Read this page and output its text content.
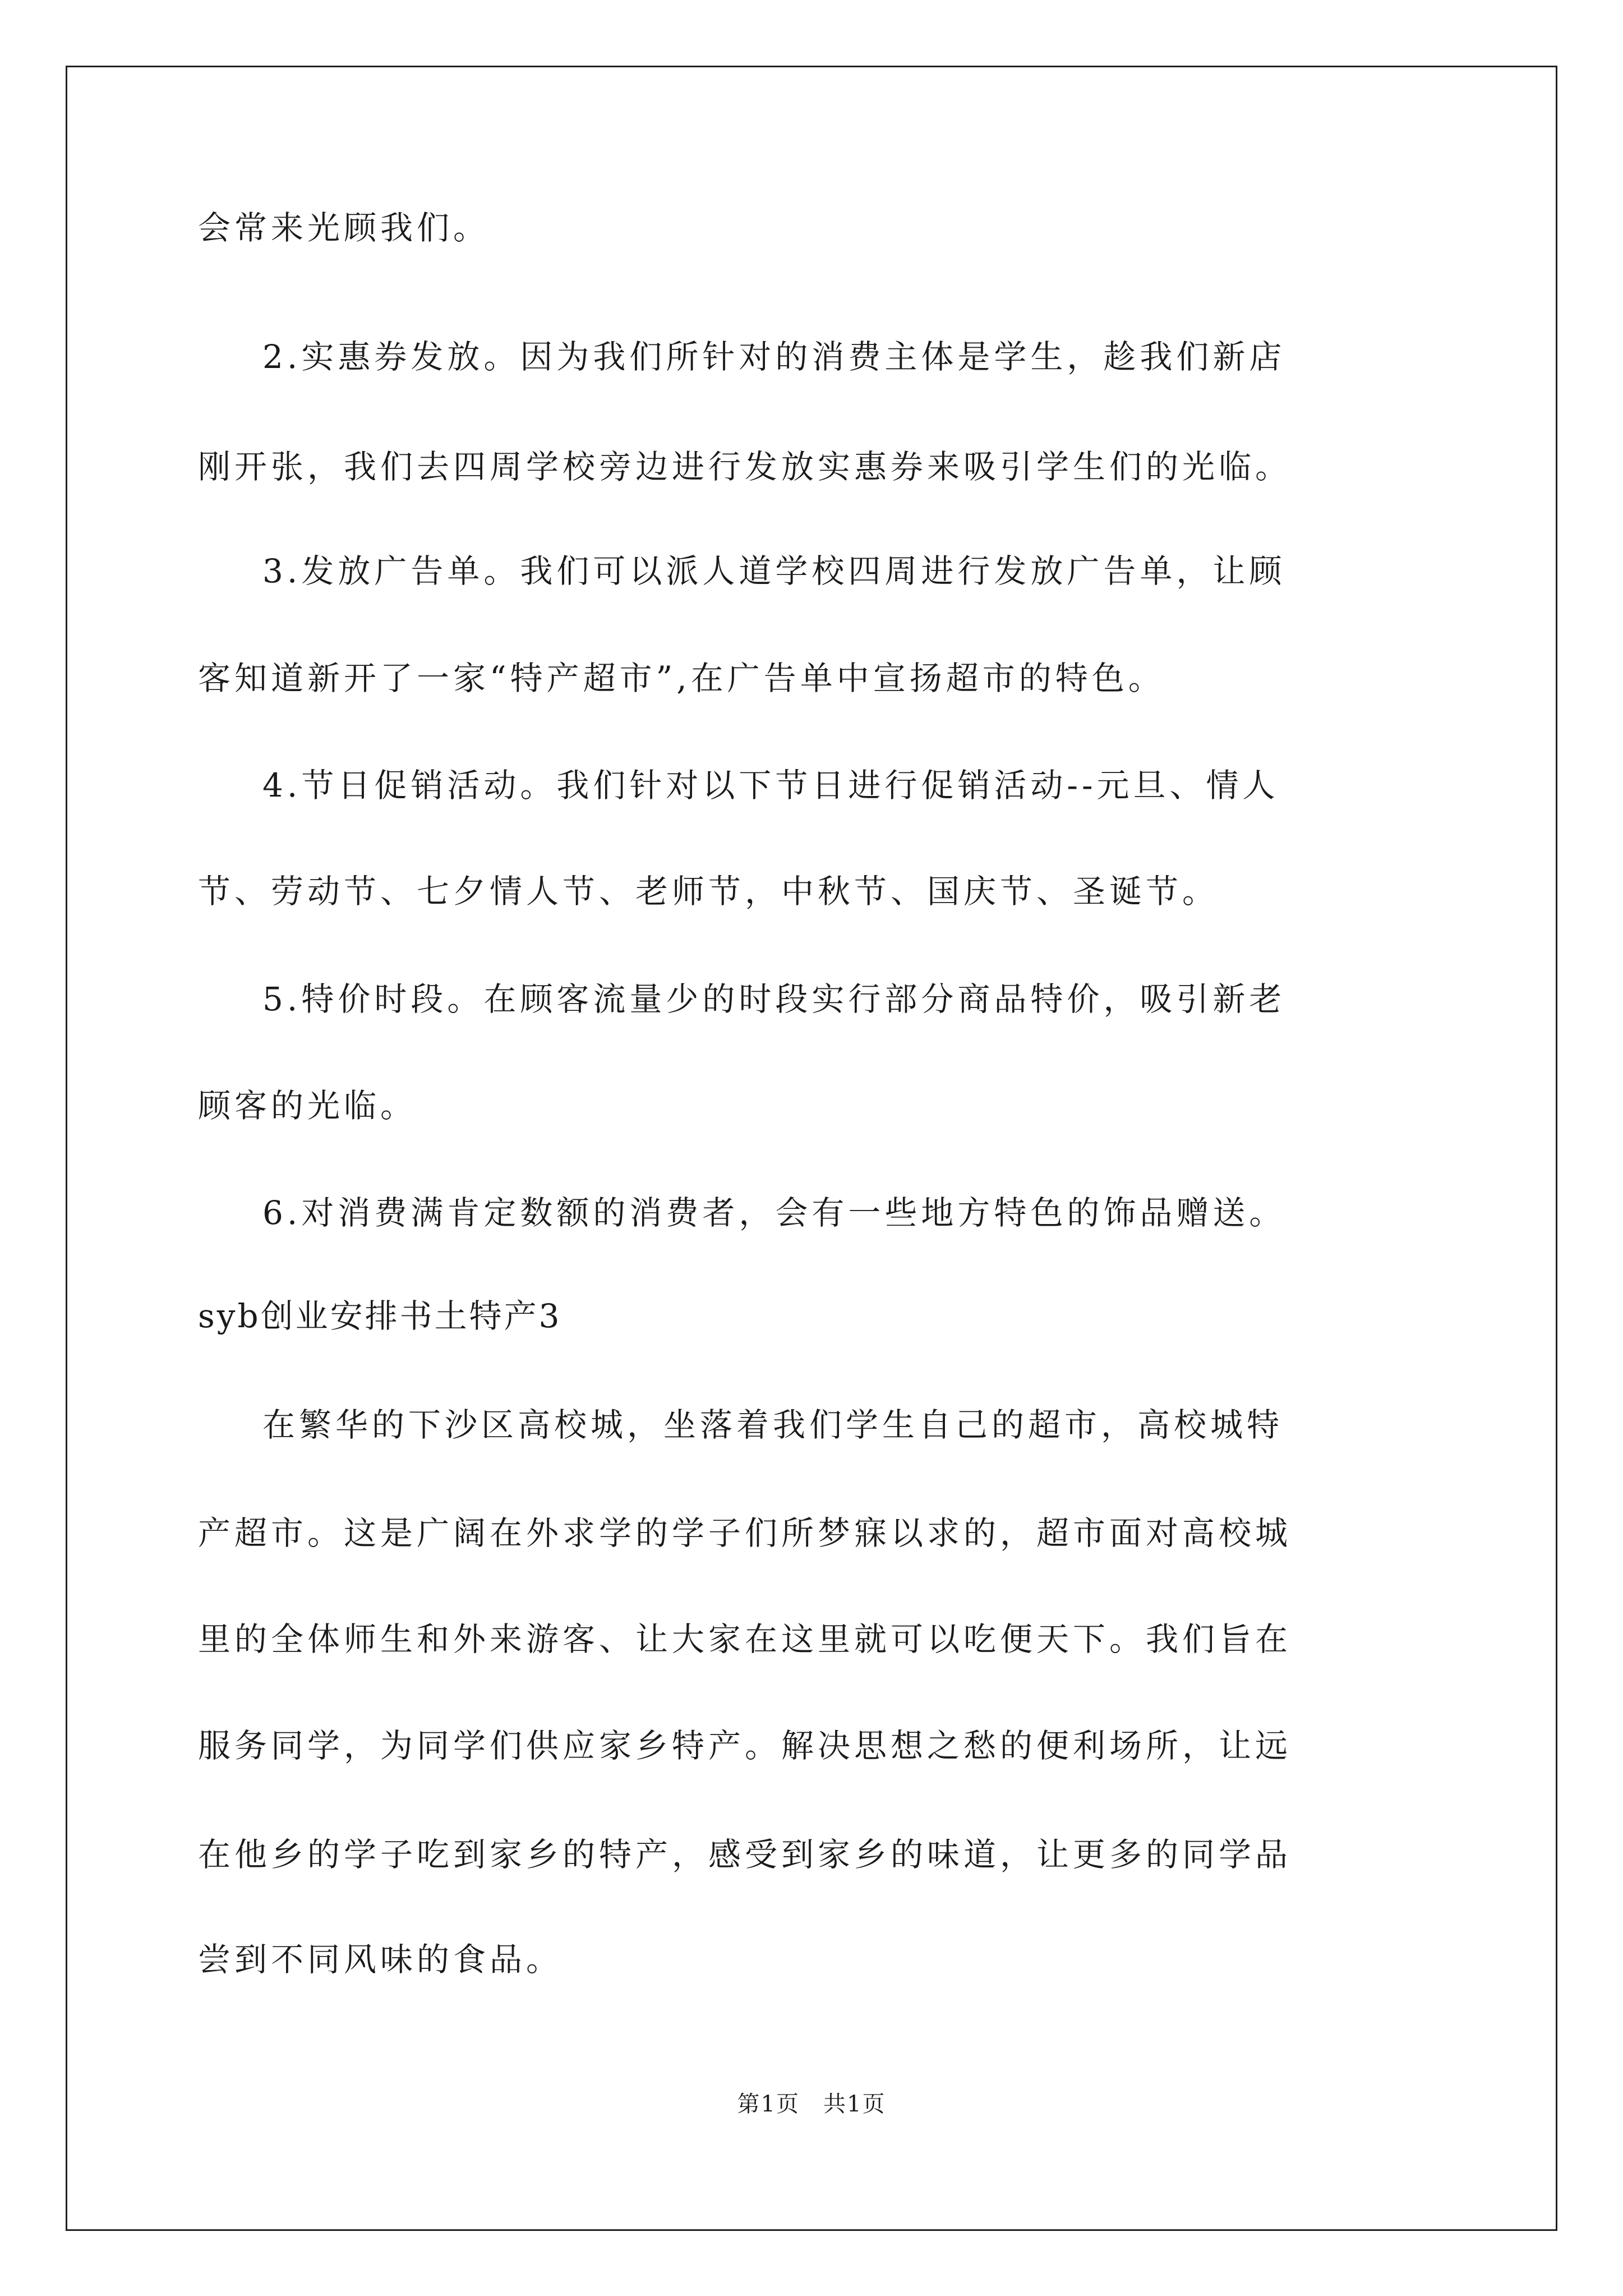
会常来光顾我们。
2.实惠券发放。因为我们所针对的消费主体是学生，趁我们新店
刚开张，我们去四周学校旁边进行发放实惠券来吸引学生们的光临。
3.发放广告单。我们可以派人道学校四周进行发放广告单，让顾
客知道新开了一家“特产超市”,在广告单中宣扬超市的特色。
4.节日促销活动。我们针对以下节日进行促销活动--元旦、情人
节、劳动节、七夕情人节、老师节，中秋节、国庆节、圣诞节。
5.特价时段。在顾客流量少的时段实行部分商品特价，吸引新老
顾客的光临。
6.对消费满肯定数额的消费者，会有一些地方特色的饰品赠送。
syb创业安排书土特产3
在繁华的下沙区高校城，坐落着我们学生自己的超市，高校城特
产超市。这是广阔在外求学的学子们所梦寐以求的，超市面对高校城
里的全体师生和外来游客、让大家在这里就可以吃便天下。我们旨在
服务同学，为同学们供应家乡特产。解决思想之愁的便利场所，让远
在他乡的学子吃到家乡的特产，感受到家乡的味道，让更多的同学品
尝到不同风味的食品。
第1页　共1页
